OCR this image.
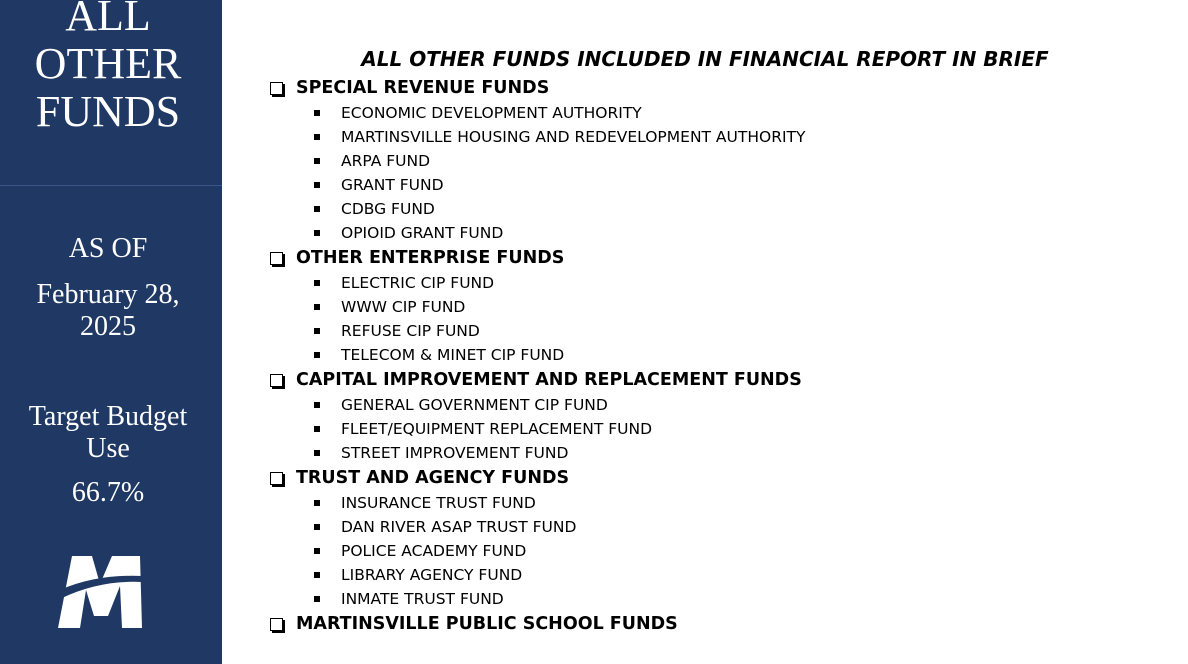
ALL
OTHER
FUNDS
AS OF
February 28,
2025
Target Budget
Use
66.7%
ALL OTHER FUNDS INCLUDED IN FINANCIAL REPORT IN BRIEF
SPECIAL REVENUE FUNDS
ECONOMIC DEVELOPMENT AUTHORITY
MARTINSVILLE HOUSING AND REDEVELOPMENT AUTHORITY
ARPA FUND
GRANT FUND
CDBG FUND
OPIOID GRANT FUND
OTHER ENTERPRISE FUNDS
ELECTRIC CIP FUND
WWW CIP FUND
REFUSE CIP FUND
TELECOM & MINET CIP FUND
CAPITAL IMPROVEMENT AND REPLACEMENT FUNDS
GENERAL GOVERNMENT CIP FUND
FLEET/EQUIPMENT REPLACEMENT FUND
STREET IMPROVEMENT FUND
TRUST AND AGENCY FUNDS
INSURANCE TRUST FUND
DAN RIVER ASAP TRUST FUND
POLICE ACADEMY FUND
LIBRARY AGENCY FUND
INMATE TRUST FUND
MARTINSVILLE PUBLIC SCHOOL FUNDS
